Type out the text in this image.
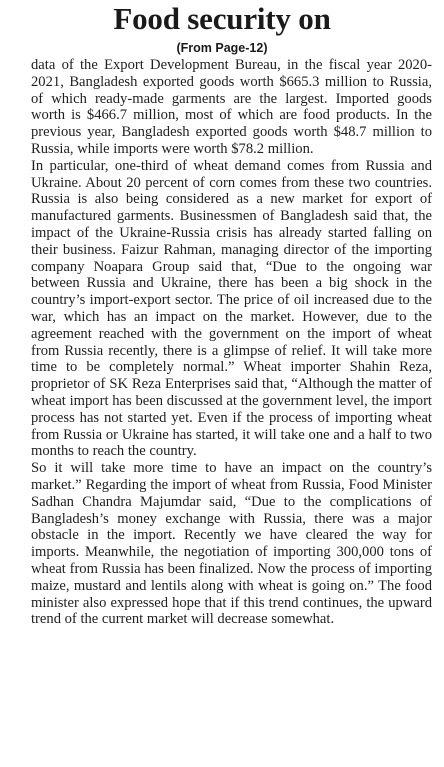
Food security on
(From Page-12)

data of the Export Development Bureau, in the fiscal year 2020-2021, Bangladesh exported goods worth $665.3 million to Russia, of which ready-made garments are the largest. Imported goods worth is $466.7 million, most of which are food products. In the previous year, Bangladesh exported goods worth $48.7 million to Russia, while imports were worth $78.2 million.

In particular, one-third of wheat demand comes from Russia and Ukraine. About 20 percent of corn comes from these two countries. Russia is also being considered as a new market for export of manufactured garments. Businessmen of Bangladesh said that, the impact of the Ukraine-Russia crisis has already started falling on their business. Faizur Rahman, managing director of the importing company Noapara Group said that, “Due to the ongoing war between Russia and Ukraine, there has been a big shock in the country’s import-export sector. The price of oil increased due to the war, which has an impact on the market. However, due to the agreement reached with the government on the import of wheat from Russia recently, there is a glimpse of relief. It will take more time to be completely normal.” Wheat importer Shahin Reza, proprietor of SK Reza Enterprises said that, “Although the matter of wheat import has been discussed at the government level, the import process has not started yet. Even if the process of importing wheat from Russia or Ukraine has started, it will take one and a half to two months to reach the country.

So it will take more time to have an impact on the country’s market.” Regarding the import of wheat from Russia, Food Minister Sadhan Chandra Majumdar said, “Due to the complications of Bangladesh’s money exchange with Russia, there was a major obstacle in the import. Recently we have cleared the way for imports. Meanwhile, the negotiation of importing 300,000 tons of wheat from Russia has been finalized. Now the process of importing maize, mustard and lentils along with wheat is going on.” The food minister also expressed hope that if this trend continues, the upward trend of the current market will decrease somewhat.
